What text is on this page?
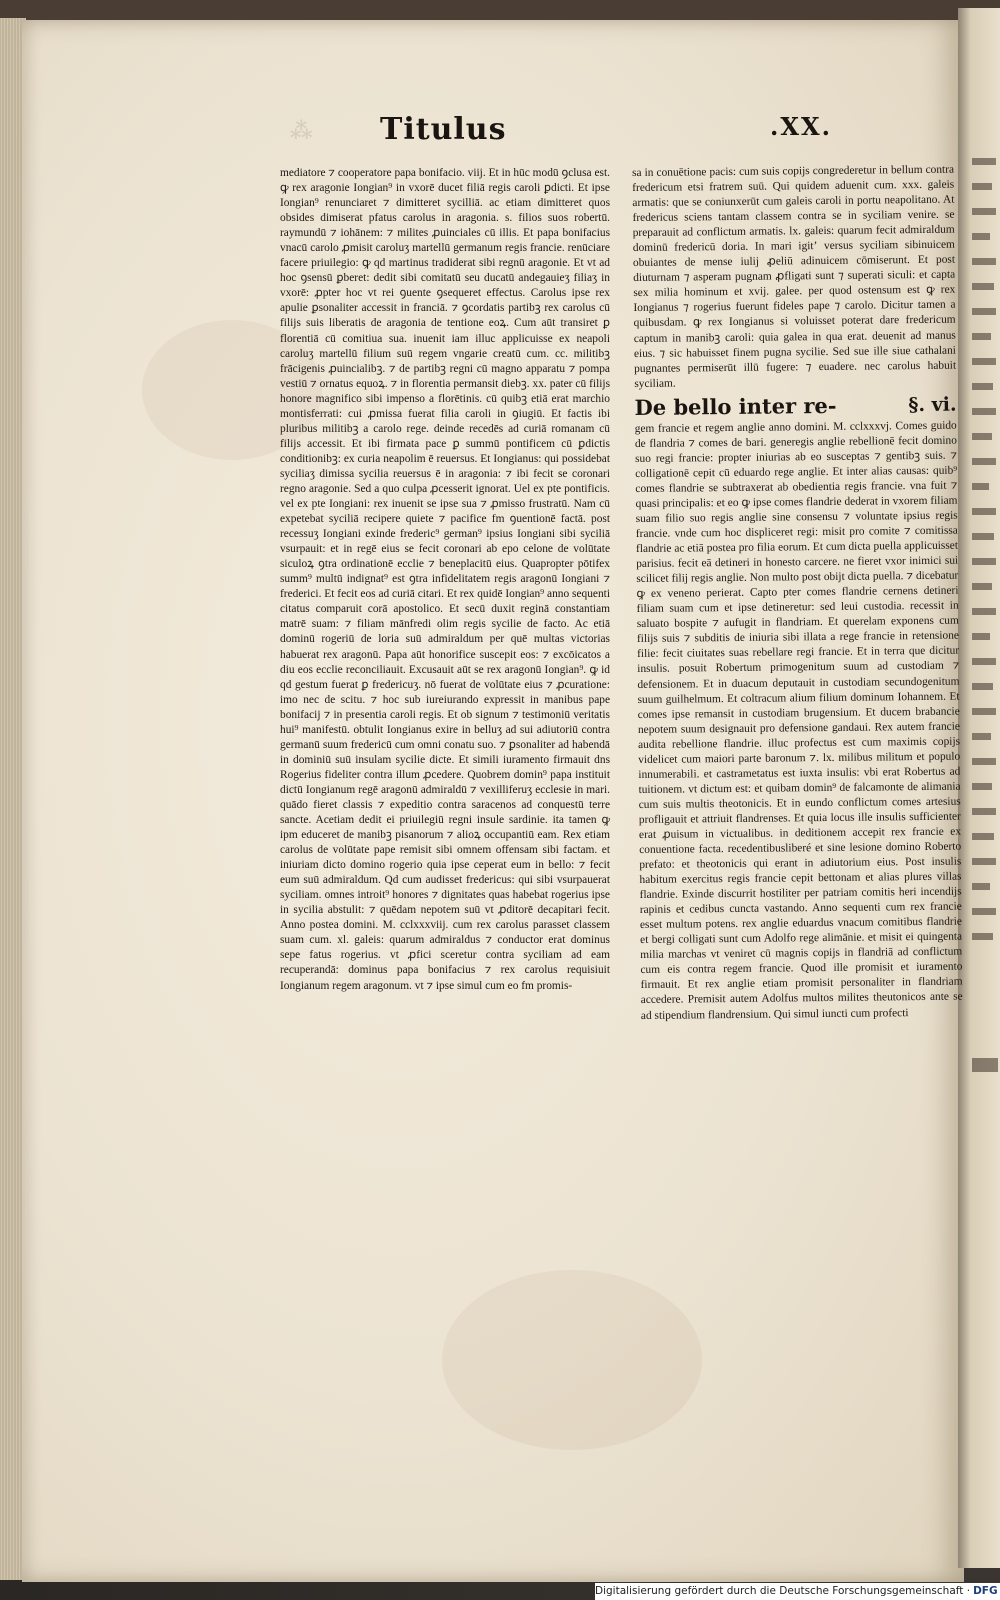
⁂ Titulus	.XX.

mediatore ⁊ cooperatore papa bonifacio. viij. Et in hūc modū ꝯclusa est. ꝙ rex aragonie Iongian⁹ in vxorē ducet filiā regis caroli ꝑdicti. Et ipse Iongian⁹ renunciaret ⁊ dimitteret sycilliā. ac etiam dimitteret quos obsides dimiserat pfatus carolus in aragonia. s. filios suos robertū. raymundū ⁊ iohānem: ⁊ milites ꝓuinciales cū illis. Et papa bonifacius vnacū carolo ꝓmisit caroluʒ martellū germanum regis francie. renūciare facere priuilegio: ꝙ qd martinus tradiderat sibi regnū aragonie. Et vt ad hoc ꝯsensū ꝑberet: dedit sibi comitatū seu ducatū andegauieʒ filiaʒ in vxorē: ꝓpter hoc vt rei ꝯuente ꝯsequeret effectus. Carolus ipse rex apulie ꝑsonaliter accessit in franciā. ⁊ ꝯcordatis partibꝫ rex carolus cū filijs suis liberatis de aragonia de tentione eoꝝ. Cum aūt transiret ꝑ florentiā cū comitiua sua. inuenit iam illuc applicuisse ex neapoli caroluʒ martellū filium suū regem vngarie creatū cum. cc. militibꝫ frācigenis ꝓuincialibꝫ. ⁊ de partibꝫ regni cū magno apparatu ⁊ pompa vestiū ⁊ ornatus equoꝝ. ⁊ in florentia permansit diebꝫ. xx. pater cū filijs honore magnifico sibi impenso a florētinis. cū quibꝫ etiā erat marchio montisferrati: cui ꝓmissa fuerat filia caroli in ꝯiugiū. Et factis ibi pluribus militibꝫ a carolo rege. deinde recedēs ad curiā romanam cū filijs accessit. Et ibi firmata pace ꝑ summū pontificem cū ꝑdictis conditionibꝫ: ex curia neapolim ē reuersus. Et Iongianus: qui possidebat syciliaʒ dimissa sycilia reuersus ē in aragonia: ⁊ ibi fecit se coronari regno aragonie. Sed a quo culpa ꝓcesserit ignorat. Uel ex pte pontificis. vel ex pte Iongiani: rex inuenit se ipse sua ⁊ ꝓmisso frustratū. Nam cū expetebat syciliā recipere quiete ⁊ pacifice fm ꝯuentionē factā. post recessuʒ Iongiani exinde frederic⁹ german⁹ ipsius Iongiani sibi syciliā vsurpauit: et in regē eius se fecit coronari ab epo celone de volūtate siculoꝝ ꝯtra ordinationē ecclie ⁊ beneplacitū eius. Quapropter pōtifex summ⁹ multū indignat⁹ est ꝯtra infidelitatem regis aragonū Iongiani ⁊ frederici. Et fecit eos ad curiā citari. Et rex quidē Iongian⁹ anno sequenti citatus comparuit corā apostolico. Et secū duxit reginā constantiam matrē suam: ⁊ filiam mānfredi olim regis sycilie de facto. Ac etiā dominū rogeriū de loria suū admiraldum per quē multas victorias habuerat rex aragonū. Papa aūt honorifice suscepit eos: ⁊ excōicatos a diu eos ecclie reconciliauit. Excusauit aūt se rex aragonū Iongian⁹. ꝙ id qd gestum fuerat ꝑ fredericuʒ. nō fuerat de volūtate eius ⁊ ꝓcuratione: imo nec de scitu. ⁊ hoc sub iureiurando expressit in manibus pape bonifacij ⁊ in presentia caroli regis. Et ob signum ⁊ testimoniū veritatis hui⁹ manifestū. obtulit Iongianus exire in belluʒ ad sui adiutoriū contra germanū suum fredericū cum omni conatu suo. ⁊ ꝑsonaliter ad habendā in dominiū suū insulam sycilie dicte. Et simili iuramento firmauit dns Rogerius fideliter contra illum ꝓcedere. Quobrem domin⁹ papa instituit dictū Iongianum regē aragonū admiraldū ⁊ vexilliferuʒ ecclesie in mari. quādo fieret classis ⁊ expeditio contra saracenos ad conquestū terre sancte. Acetiam dedit ei priuilegiū regni insule sardinie. ita tamen ꝙ ipm educeret de manibꝫ pisanorum ⁊ alioꝝ occupantiū eam. Rex etiam carolus de volūtate pape remisit sibi omnem offensam sibi factam. et iniuriam dicto domino rogerio quia ipse ceperat eum in bello: ⁊ fecit eum suū admiraldum. Qd cum audisset fredericus: qui sibi vsurpauerat syciliam. omnes introit⁹ honores ⁊ dignitates quas habebat rogerius ipse in sycilia abstulit: ⁊ quēdam nepotem suū vt ꝓditorē decapitari fecit. Anno postea domini. M. cclxxxviij. cum rex carolus parasset classem suam cum. xl. galeis: quarum admiraldus ⁊ conductor erat dominus sepe fatus rogerius. vt ꝓfici sceretur contra syciliam ad eam recuperandā: dominus papa bonifacius ⁊ rex carolus requisiuit Iongianum regem aragonum. vt ⁊ ipse simul cum eo fm promis-

sa in conuētione pacis: cum suis copijs congrederetur in bellum contra fredericum etsi fratrem suū. Qui quidem aduenit cum. xxx. galeis armatis: que se coniunxerūt cum galeis caroli in portu neapolitano. At fredericus sciens tantam classem contra se in syciliam venire. se preparauit ad conflictum armatis. lx. galeis: quarum fecit admiraldum dominū fredericū doria. In mari igitʼ versus syciliam sibinuicem obuiantes de mense iulij ꝓeliū adinuicem cōmiserunt. Et post diuturnam ⁊ asperam pugnam ꝓfligati sunt ⁊ superati siculi: et capta sex milia hominum et xvij. galee. per quod ostensum est ꝙ rex Iongianus ⁊ rogerius fuerunt fideles pape ⁊ carolo. Dicitur tamen a quibusdam. ꝙ rex Iongianus si voluisset poterat dare fredericum captum in manibꝫ caroli: quia galea in qua erat. deuenit ad manus eius. ⁊ sic habuisset finem pugna sycilie. Sed sue ille siue cathalani pugnantes permiserūt illū fugere: ⁊ euadere. nec carolus habuit syciliam.

De bello inter re-	§. vi.

gem francie et regem anglie anno domini. M. cclxxxvj. Comes guido de flandria ⁊ comes de bari. generegis anglie rebellionē fecit domino suo regi francie: propter iniurias ab eo susceptas ⁊ gentibꝫ suis. ⁊ colligationē cepit cū eduardo rege anglie. Et inter alias causas: quib⁹ comes flandrie se subtraxerat ab obedientia regis francie. vna fuit ⁊ quasi principalis: et eo ꝙ ipse comes flandrie dederat in vxorem filiam suam filio suo regis anglie sine consensu ⁊ voluntate ipsius regis francie. vnde cum hoc displiceret regi: misit pro comite ⁊ comitissa flandrie ac etiā postea pro filia eorum. Et cum dicta puella applicuisset parisius. fecit eā detineri in honesto carcere. ne fieret vxor inimici sui scilicet filij regis anglie. Non multo post obijt dicta puella. ⁊ dicebatur ꝙ ex veneno perierat. Capto pter comes flandrie cernens detineri filiam suam cum et ipse detineretur: sed leui custodia. recessit in saluato bospite ⁊ aufugit in flandriam. Et querelam exponens cum filijs suis ⁊ subditis de iniuria sibi illata a rege francie in retensione filie: fecit ciuitates suas rebellare regi francie. Et in terra que dicitur insulis. posuit Robertum primogenitum suum ad custodiam ⁊ defensionem. Et in duacum deputauit in custodiam secundogenitum suum guilhelmum. Et coltracum alium filium dominum Iohannem. Et comes ipse remansit in custodiam brugensium. Et ducem brabancie nepotem suum designauit pro defensione gandaui. Rex autem francie audita rebellione flandrie. illuc profectus est cum maximis copijs videlicet cum maiori parte baronum ⁊. lx. milibus militum et populo innumerabili. et castrametatus est iuxta insulis: vbi erat Robertus ad tuitionem. vt dictum est: et quibam domin⁹ de falcamonte de alimania cum suis multis theotonicis. Et in eundo conflictum comes artesius profligauit et attriuit flandrenses. Et quia locus ille insulis sufficienter erat ꝓuisum in victualibus. in deditionem accepit rex francie ex conuentione facta. recedentibusliberé et sine lesione domino Roberto prefato: et theotonicis qui erant in adiutorium eius. Post insulis habitum exercitus regis francie cepit bettonam et alias plures villas flandrie. Exinde discurrit hostiliter per patriam comitis heri incendijs rapinis et cedibus cuncta vastando. Anno sequenti cum rex francie esset multum potens. rex anglie eduardus vnacum comitibus flandrie et bergi colligati sunt cum Adolfo rege alimānie. et misit ei quingenta milia marchas vt veniret cū magnis copijs in flandriā ad conflictum cum eis contra regem francie. Quod ille promisit et iuramento firmauit. Et rex anglie etiam promisit personaliter in flandriam accedere. Premisit autem Adolfus multos milites theutonicos ante se ad stipendium flandrensium. Qui simul iuncti cum profecti

Digitalisierung gefördert durch die Deutsche Forschungsgemeinschaft · DFG
